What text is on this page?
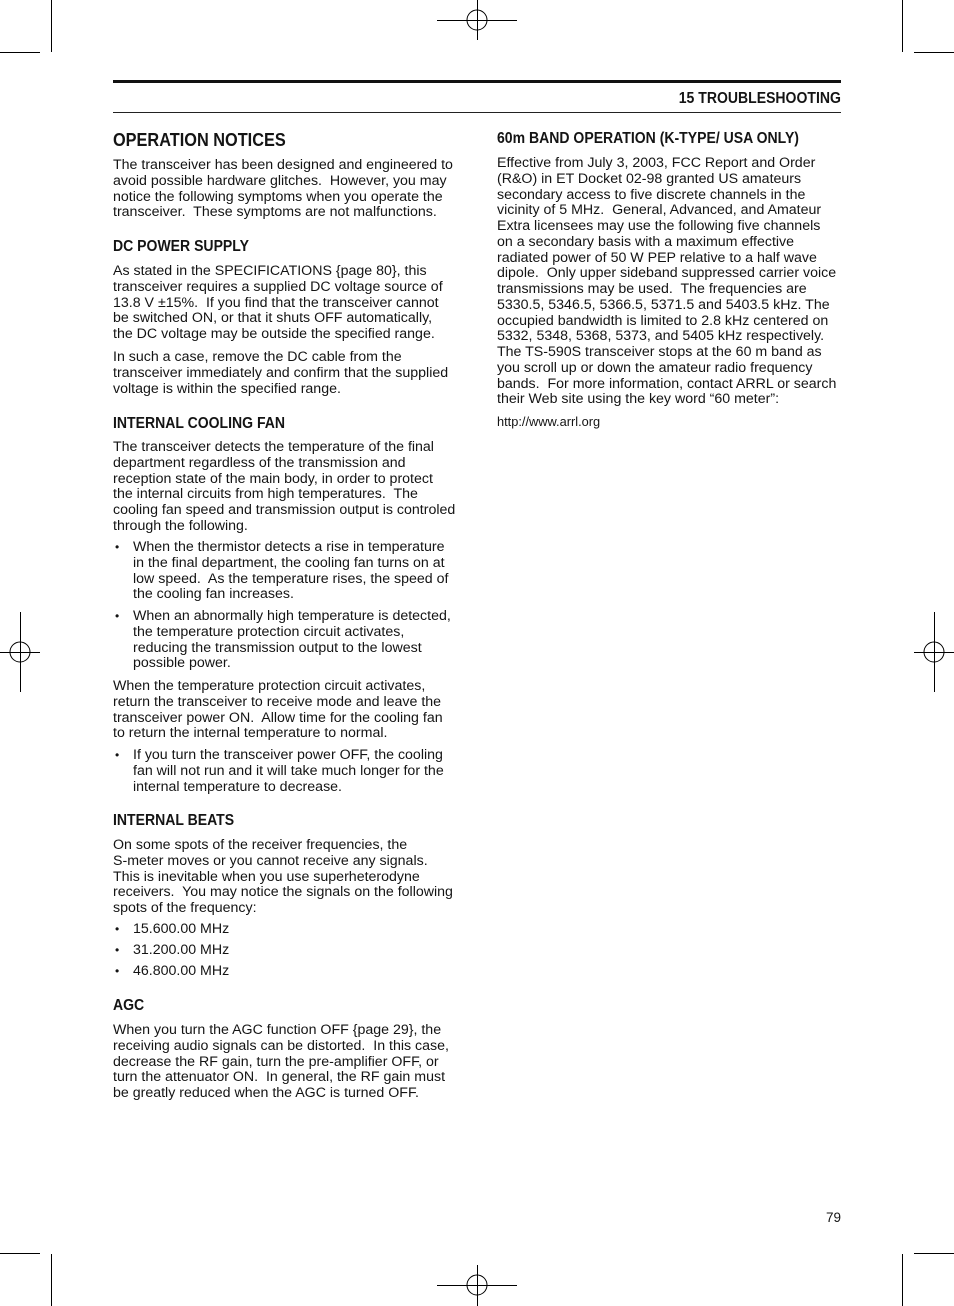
15 TROUBLESHOOTING
OPERATION NOTICES
The transceiver has been designed and engineered to
avoid possible hardware glitches.  However, you may
notice the following symptoms when you operate the
transceiver.  These symptoms are not malfunctions.
DC POWER SUPPLY
As stated in the SPECIFICATIONS {page 80}, this
transceiver requires a supplied DC voltage source of
13.8 V ±15%.  If you find that the transceiver cannot
be switched ON, or that it shuts OFF automatically,
the DC voltage may be outside the specified range.
In such a case, remove the DC cable from the
transceiver immediately and confirm that the supplied
voltage is within the specified range.
INTERNAL COOLING FAN
The transceiver detects the temperature of the final
department regardless of the transmission and
reception state of the main body, in order to protect
the internal circuits from high temperatures.  The
cooling fan speed and transmission output is controled
through the following.
• When the thermistor detects a rise in temperature
in the final department, the cooling fan turns on at
low speed.  As the temperature rises, the speed of
the cooling fan increases.
• When an abnormally high temperature is detected,
the temperature protection circuit activates,
reducing the transmission output to the lowest
possible power.
When the temperature protection circuit activates,
return the transceiver to receive mode and leave the
transceiver power ON.  Allow time for the cooling fan
to return the internal temperature to normal.
• If you turn the transceiver power OFF, the cooling
fan will not run and it will take much longer for the
internal temperature to decrease.
INTERNAL BEATS
On some spots of the receiver frequencies, the
S-meter moves or you cannot receive any signals.
This is inevitable when you use superheterodyne
receivers.  You may notice the signals on the following
spots of the frequency:
• 15.600.00 MHz
• 31.200.00 MHz
• 46.800.00 MHz
AGC
When you turn the AGC function OFF {page 29}, the
receiving audio signals can be distorted.  In this case,
decrease the RF gain, turn the pre-amplifier OFF, or
turn the attenuator ON.  In general, the RF gain must
be greatly reduced when the AGC is turned OFF.
60m BAND OPERATION (K-TYPE/ USA ONLY)
Effective from July 3, 2003, FCC Report and Order
(R&O) in ET Docket 02-98 granted US amateurs
secondary access to five discrete channels in the
vicinity of 5 MHz.  General, Advanced, and Amateur
Extra licensees may use the following five channels
on a secondary basis with a maximum effective
radiated power of 50 W PEP relative to a half wave
dipole.  Only upper sideband suppressed carrier voice
transmissions may be used.  The frequencies are
5330.5, 5346.5, 5366.5, 5371.5 and 5403.5 kHz. The
occupied bandwidth is limited to 2.8 kHz centered on
5332, 5348, 5368, 5373, and 5405 kHz respectively.
The TS-590S transceiver stops at the 60 m band as
you scroll up or down the amateur radio frequency
bands.  For more information, contact ARRL or search
their Web site using the key word “60 meter”:
http://www.arrl.org
79
